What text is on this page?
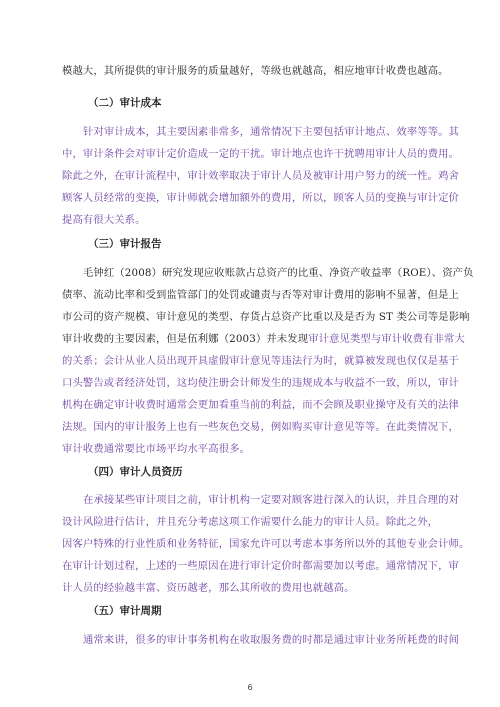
模越大，其所提供的审计服务的质量越好，等级也就越高，相应地审计收费也越高。

（二）审计成本

针对审计成本，其主要因素非常多，通常情况下主要包括审计地点、效率等等。其
中，审计条件会对审计定价造成一定的干扰。审计地点也许干扰聘用审计人员的费用。
除此之外，在审计流程中，审计效率取决于审计人员及被审计用户努力的统一性。鸡舍
顾客人员经常的变换，审计师就会增加额外的费用，所以，顾客人员的变换与审计定价
提高有很大关系。

（三）审计报告

毛钟红（2008）研究发现应收账款占总资产的比重、净资产收益率（ROE）、资产负
债率、流动比率和受到监管部门的处罚或谴责与否等对审计费用的影响不显著，但是上
市公司的资产规模、审计意见的类型、存货占总资产比重以及是否为 ST 类公司等是影响
审计收费的主要因素，但是伍利娜（2003）并未发现审计意见类型与审计收费有非常大
的关系；会计从业人员出现开具虚假审计意见等违法行为时，就算被发现也仅仅是基于
口头警告或者经济处罚，这均使注册会计师发生的违规成本与收益不一致，所以，审计
机构在确定审计收费时通常会更加看重当前的利益，而不会顾及职业操守及有关的法律
法规。国内的审计服务上也有一些灰色交易，例如购买审计意见等等。在此类情况下，
审计收费通常要比市场平均水平高很多。

（四）审计人员资历

在承接某些审计项目之前，审计机构一定要对顾客进行深入的认识，并且合理的对
设计风险进行估计，并且充分考虑这项工作需要什么能力的审计人员。除此之外，
因客户特殊的行业性质和业务特征，国家允许可以考虑本事务所以外的其他专业会计师。
在审计计划过程，上述的一些原因在进行审计定价时都需要加以考虑。通常情况下，审
计人员的经验越丰富、资历越老，那么其所收的费用也就越高。

（五）审计周期

通常来讲，很多的审计事务机构在收取服务费的时都是通过审计业务所耗费的时间

6
